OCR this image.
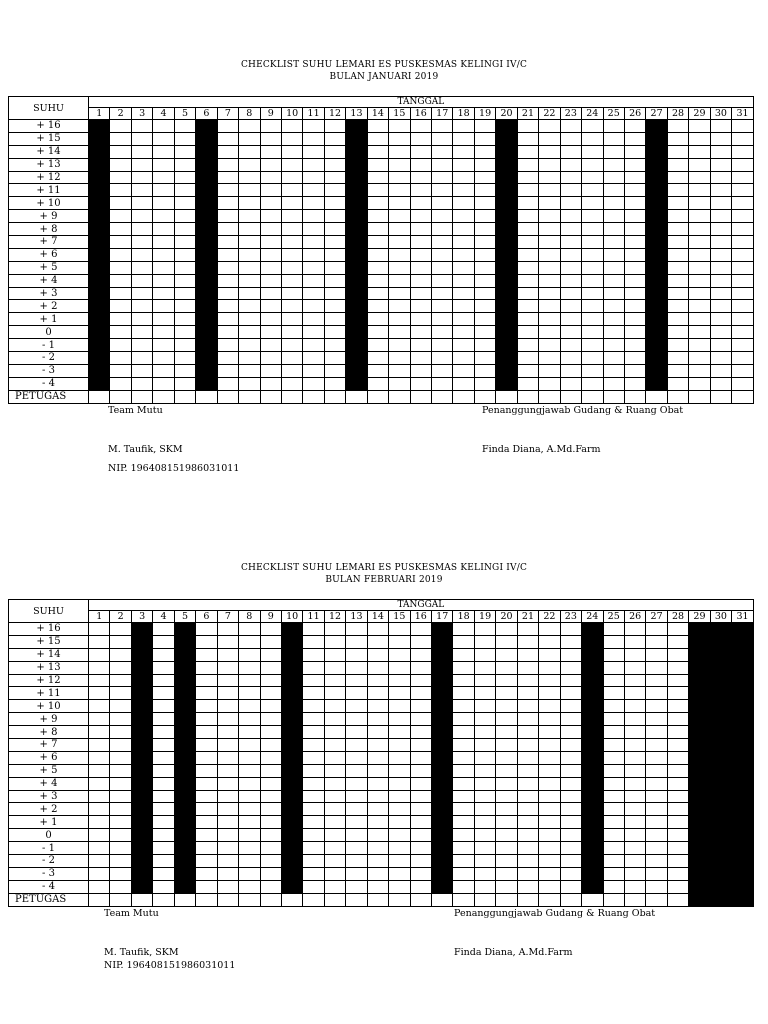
CHECKLIST SUHU LEMARI ES PUSKESMAS KELINGI IV/C
BULAN JANUARI 2019
SUHU	TANGGAL																														
	1	2	3	4	5	6	7	8	9	10	11	12	13	14	15	16	17	18	19	20	21	22	23	24	25	26	27	28	29	30	31
+ 16																															
+ 15																															
+ 14																															
+ 13																															
+ 12																															
+ 11																															
+ 10																															
+ 9																															
+ 8																															
+ 7																															
+ 6																															
+ 5																															
+ 4																															
+ 3																															
+ 2																															
+ 1																															
0																															
- 1																															
- 2																															
- 3																															
- 4																															
PETUGAS																															
Team Mutu	Penanggungjawab Gudang & Ruang Obat
M. Taufik, SKM	Finda Diana, A.Md.Farm
NIP. 196408151986031011
CHECKLIST SUHU LEMARI ES PUSKESMAS KELINGI IV/C
BULAN FEBRUARI 2019
SUHU	TANGGAL																														
	1	2	3	4	5	6	7	8	9	10	11	12	13	14	15	16	17	18	19	20	21	22	23	24	25	26	27	28	29	30	31
+ 16																															
+ 15																															
+ 14																															
+ 13																															
+ 12																															
+ 11																															
+ 10																															
+ 9																															
+ 8																															
+ 7																															
+ 6																															
+ 5																															
+ 4																															
+ 3																															
+ 2																															
+ 1																															
0																															
- 1																															
- 2																															
- 3																															
- 4																															
PETUGAS																															
Team Mutu	Penanggungjawab Gudang & Ruang Obat
M. Taufik, SKM	Finda Diana, A.Md.Farm
NIP. 196408151986031011
